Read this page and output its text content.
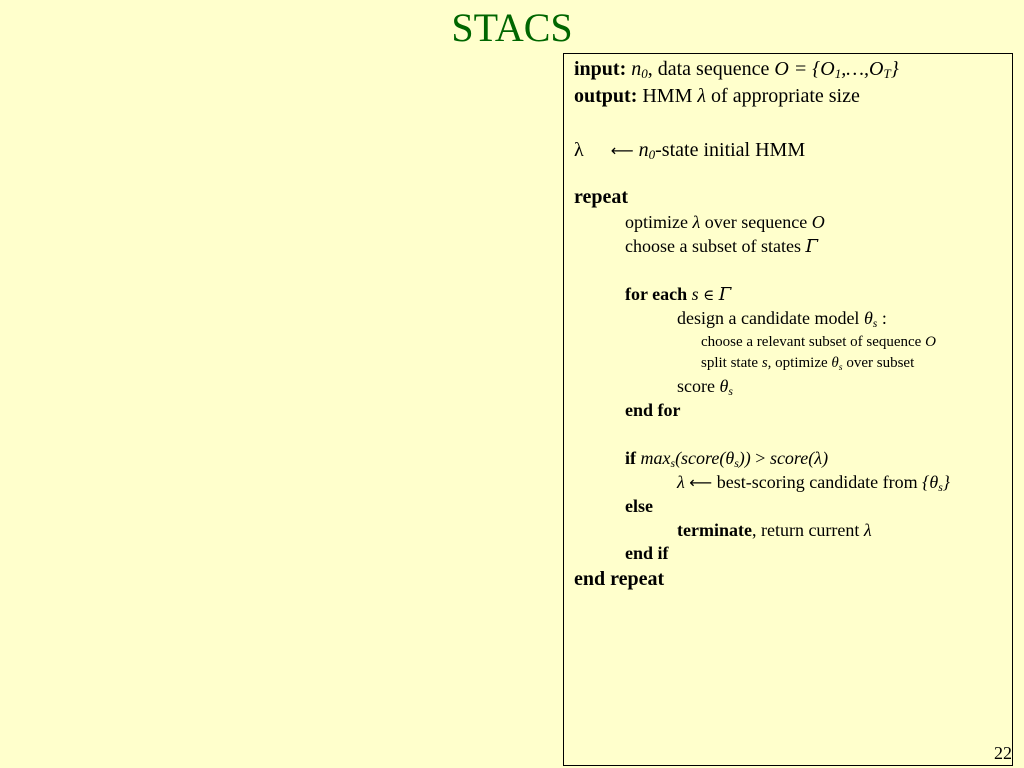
STACS
input: $n_0$, data sequence $O = \{O_1,\dots,O_T\}$
output: HMM λ of appropriate size
λ ⟵ $n_0$-state initial HMM
repeat
optimize λ over sequence O
choose a subset of states Γ
for each s ∈ Γ
design a candidate model $\theta_s$ :
choose a relevant subset of sequence O
split state s, optimize $\theta_s$ over subset
score $\theta_s$
end for
if $\max_s(score(\theta_s))$ > score(λ)
λ ⟵ best-scoring candidate from $\{\theta_s\}$
else
terminate, return current λ
end if
end repeat
22
